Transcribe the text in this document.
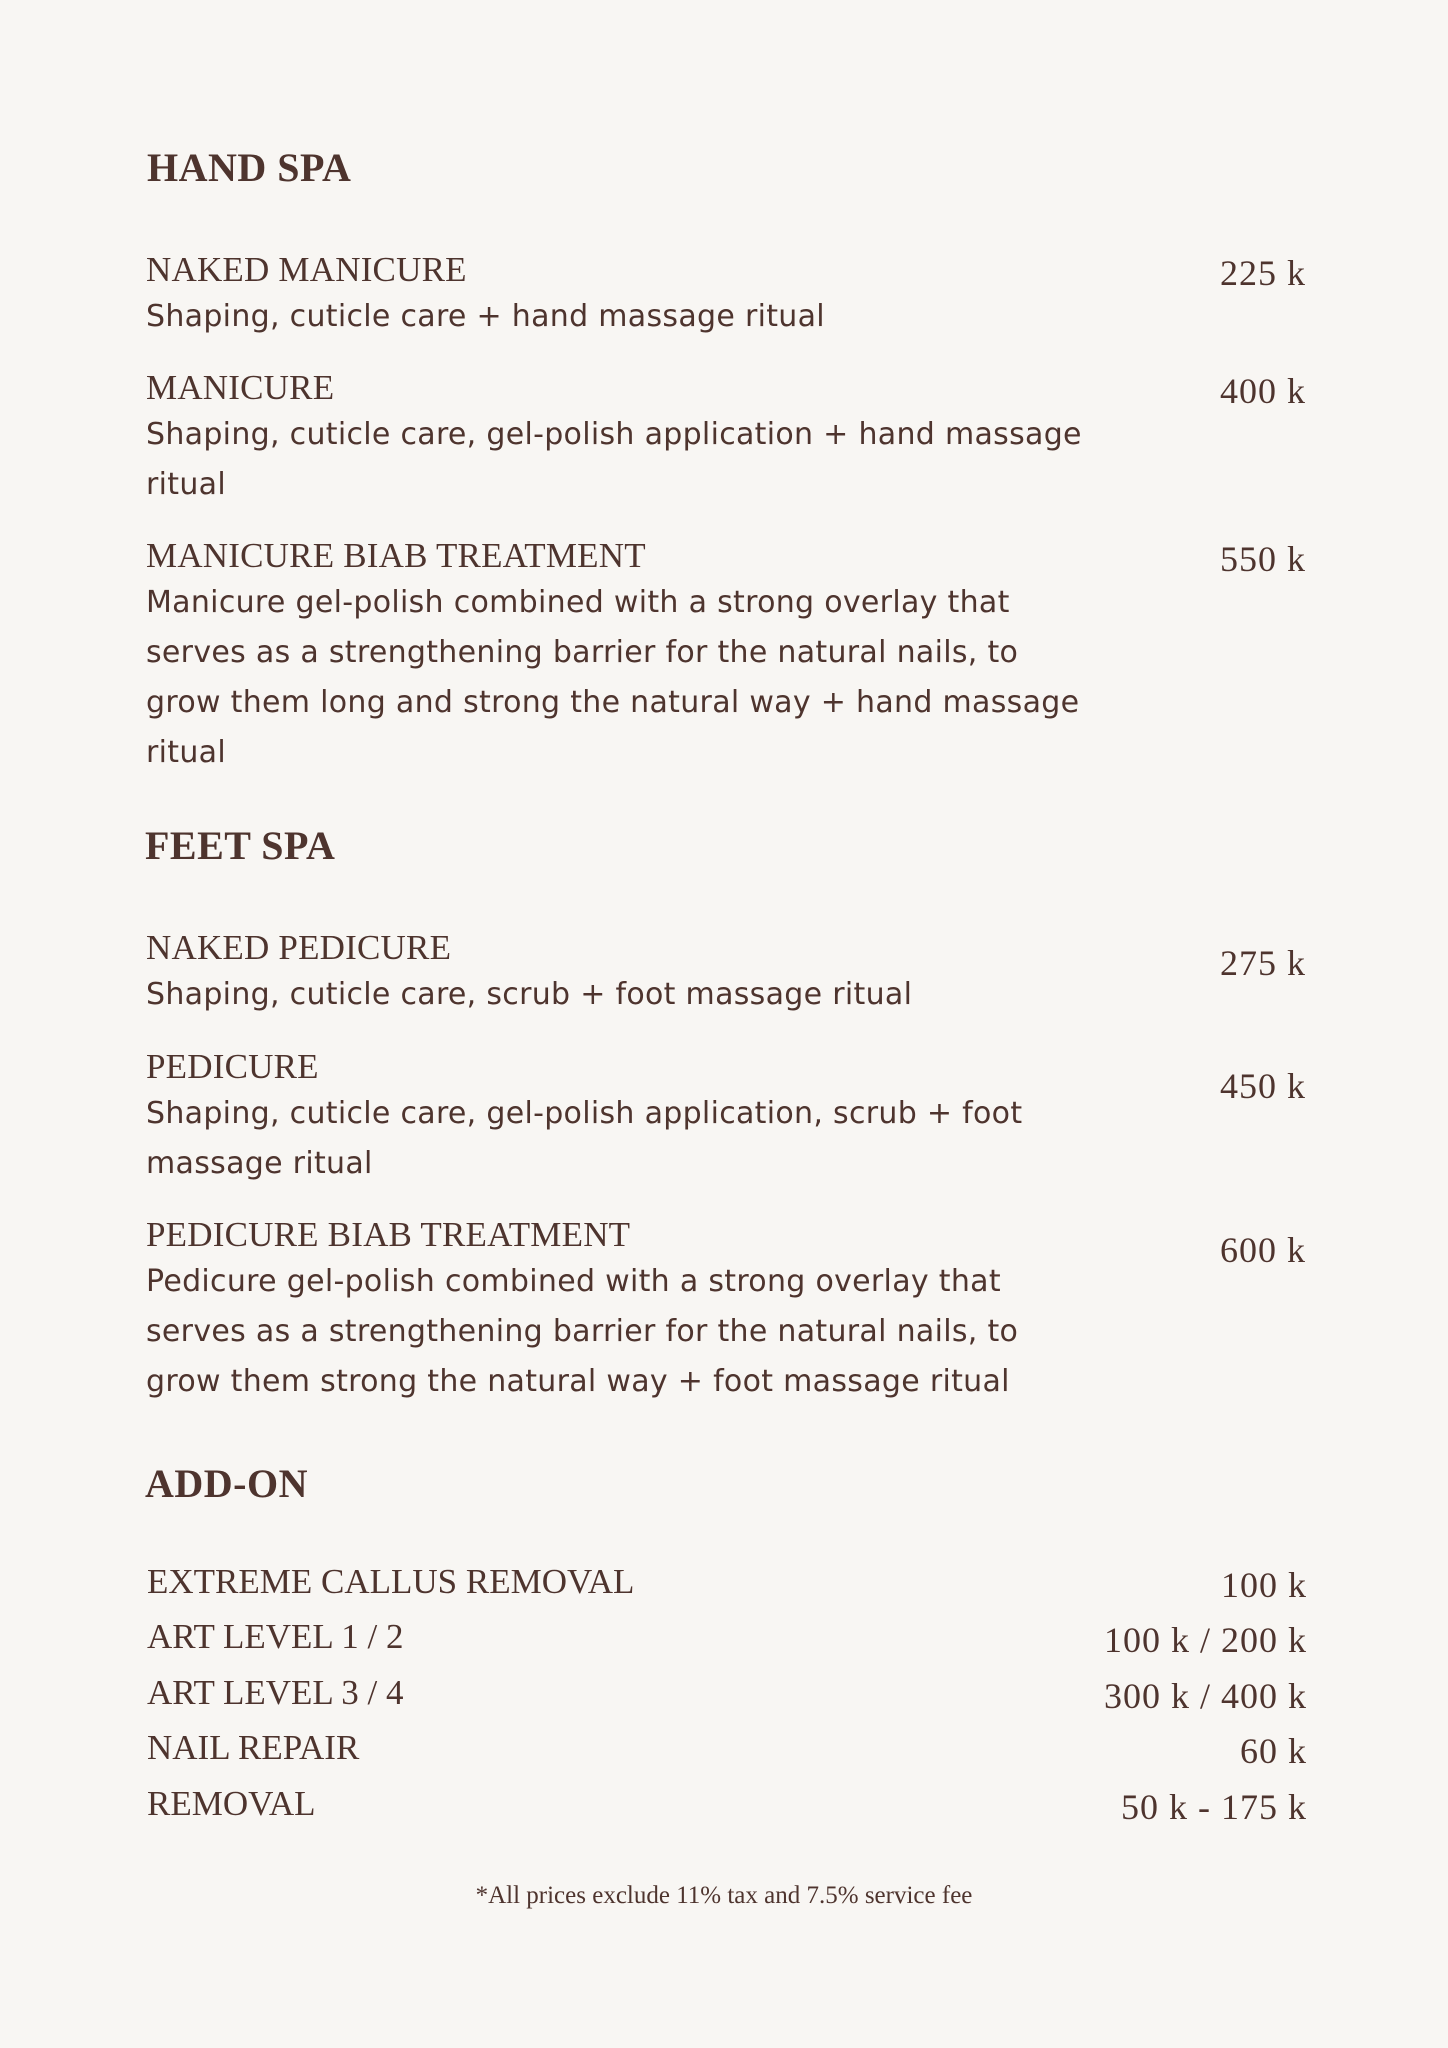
HAND SPA
NAKED MANICURE
Shaping, cuticle care + hand massage ritual
225 k
MANICURE
Shaping, cuticle care, gel-polish application + hand massage ritual
400 k
MANICURE BIAB TREATMENT
Manicure gel-polish combined with a strong overlay that serves as a strengthening barrier for the natural nails, to grow them long and strong the natural way + hand massage ritual
550 k
FEET SPA
NAKED PEDICURE
Shaping, cuticle care, scrub + foot massage ritual
275 k
PEDICURE
Shaping, cuticle care, gel-polish application, scrub + foot massage ritual
450 k
PEDICURE BIAB TREATMENT
Pedicure gel-polish combined with a strong overlay that serves as a strengthening barrier for the natural nails, to grow them strong the natural way + foot massage ritual
600 k
ADD-ON
EXTREME CALLUS REMOVAL	100 k
ART LEVEL 1 / 2	100 k / 200 k
ART LEVEL 3 / 4	300 k / 400 k
NAIL REPAIR	60 k
REMOVAL	50 k - 175 k
*All prices exclude 11% tax and 7.5% service fee
